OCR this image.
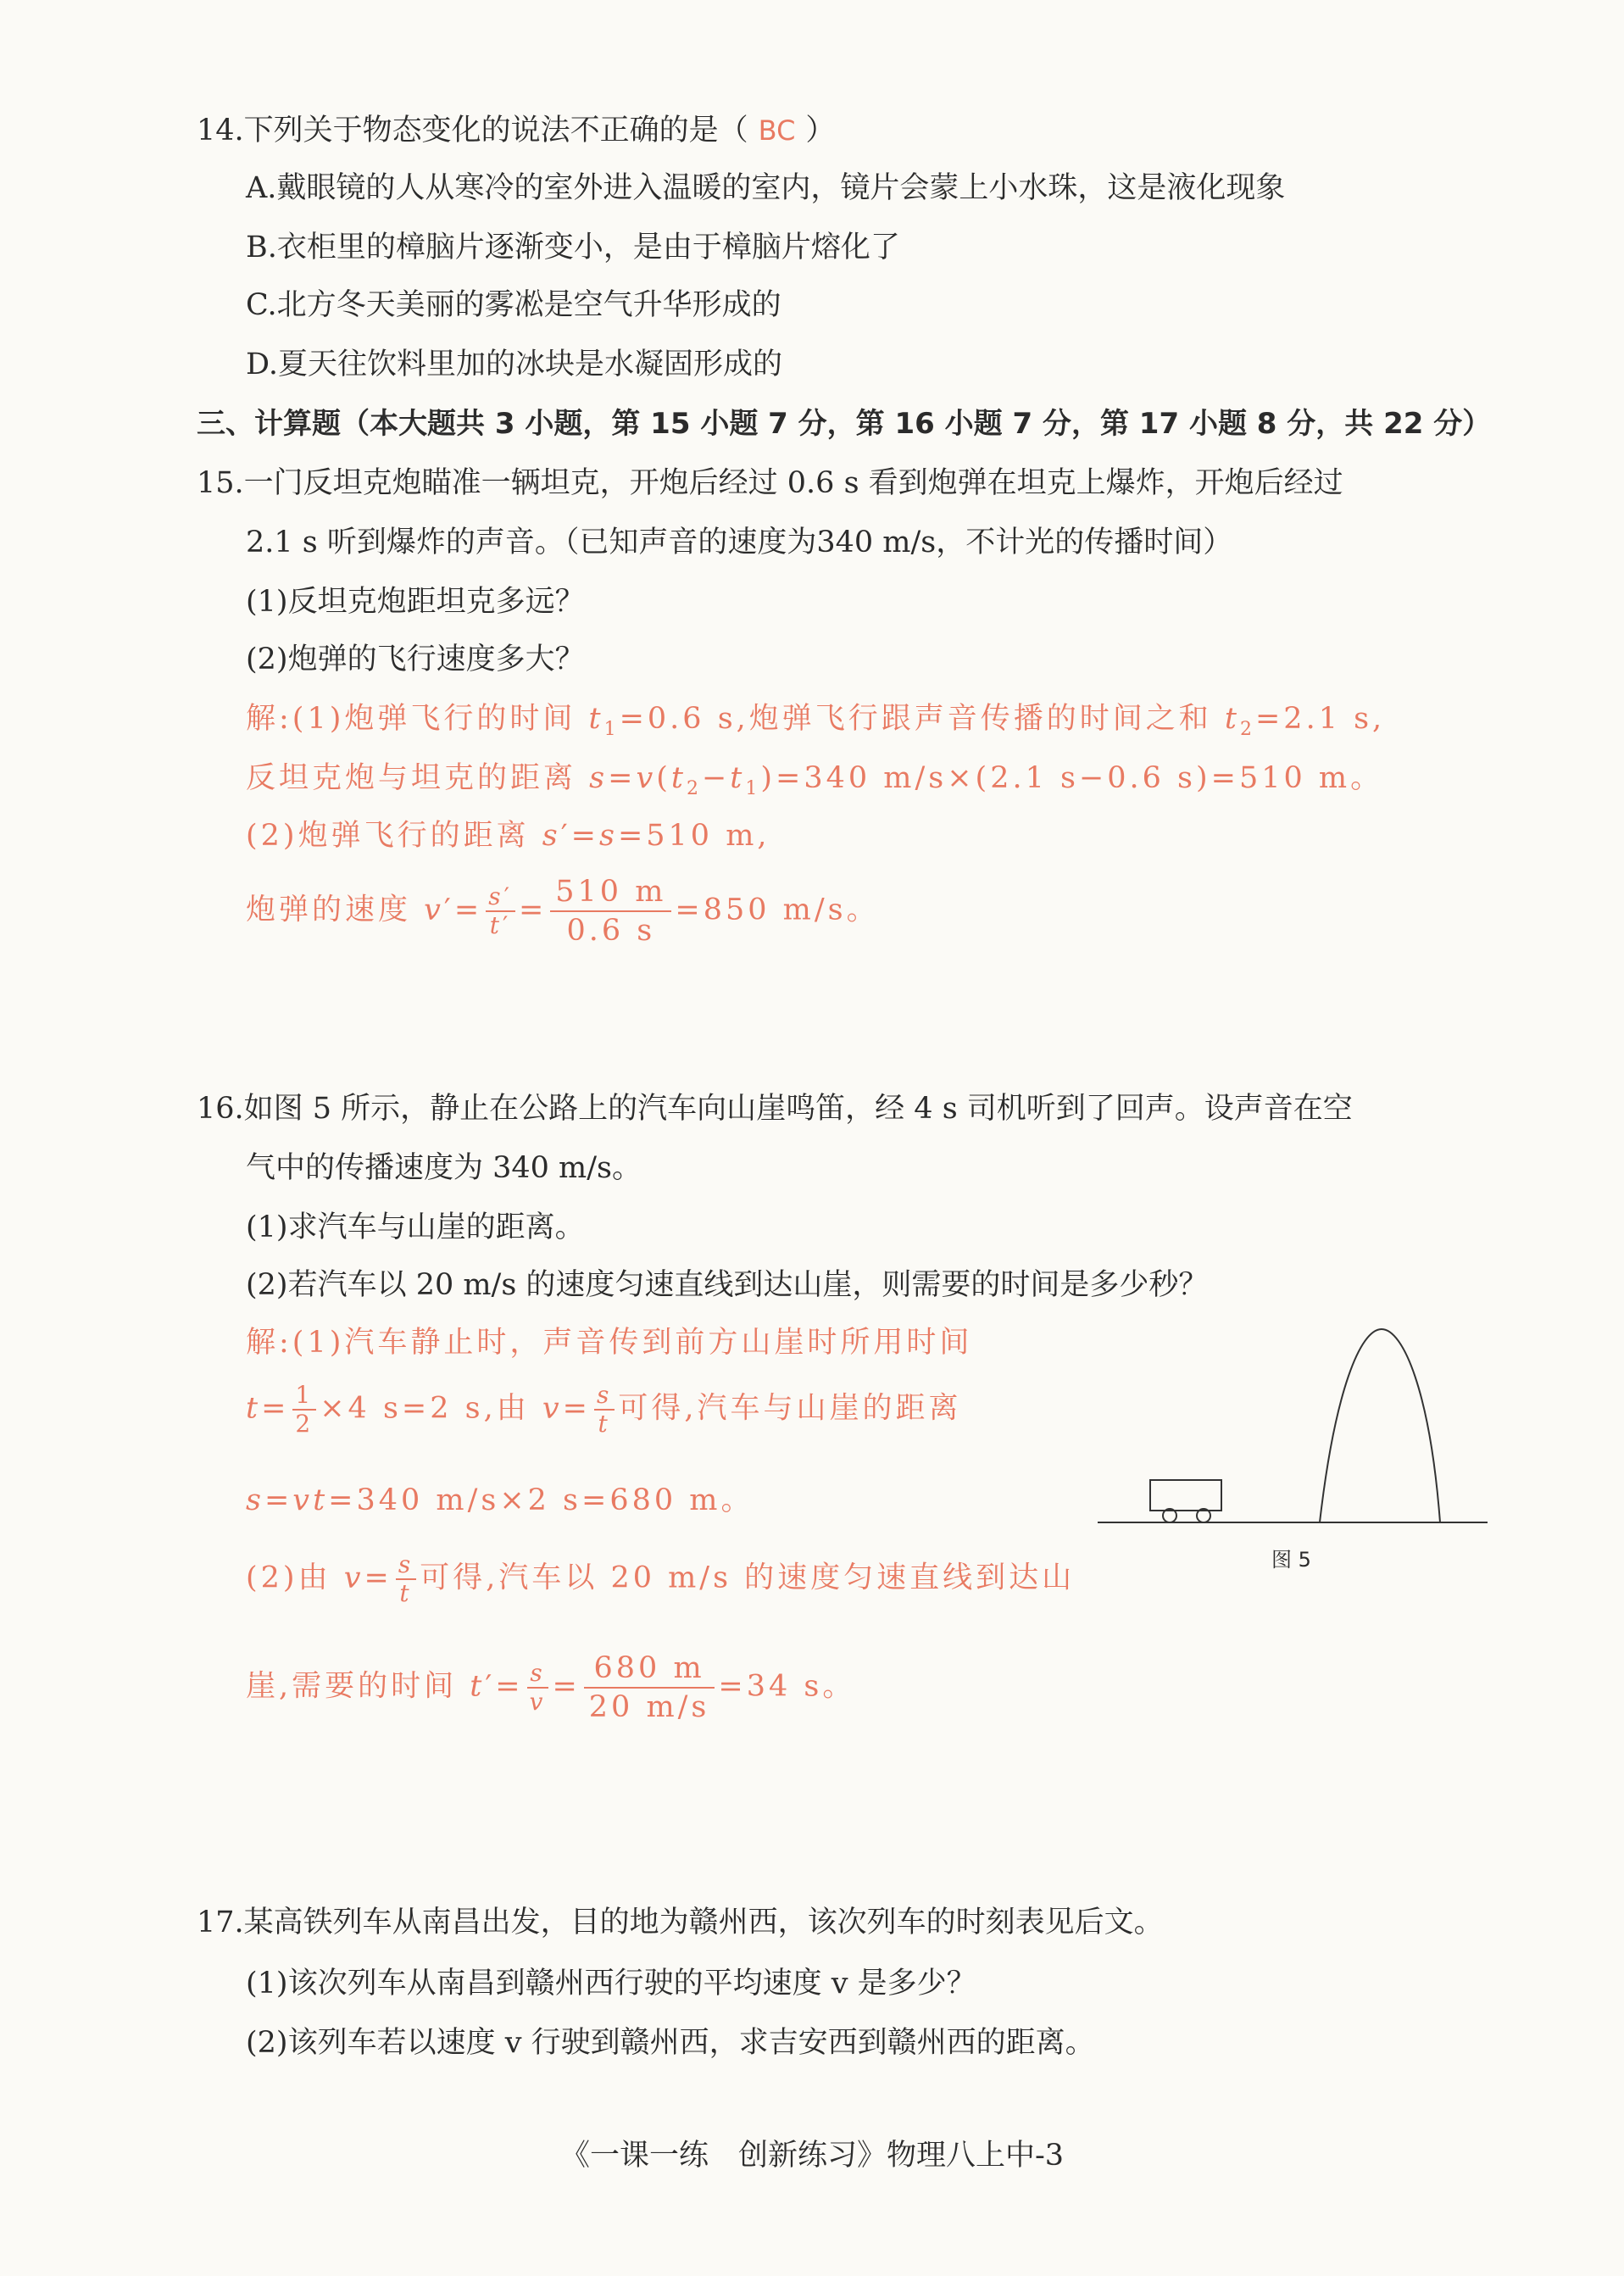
14.下列关于物态变化的说法不正确的是（ BC ）
A.戴眼镜的人从寒冷的室外进入温暖的室内，镜片会蒙上小水珠，这是液化现象
B.衣柜里的樟脑片逐渐变小，是由于樟脑片熔化了
C.北方冬天美丽的雾凇是空气升华形成的
D.夏天往饮料里加的冰块是水凝固形成的
三、计算题（本大题共 3 小题，第 15 小题 7 分，第 16 小题 7 分，第 17 小题 8 分，共 22 分）
15.一门反坦克炮瞄准一辆坦克，开炮后经过 0.6 s 看到炮弹在坦克上爆炸，开炮后经过
2.1 s 听到爆炸的声音。（已知声音的速度为340 m/s，不计光的传播时间）
(1)反坦克炮距坦克多远？
(2)炮弹的飞行速度多大？
解:(1)炮弹飞行的时间 $t_1=0.6$ s,炮弹飞行跟声音传播的时间之和 $t_2=2.1$ s,
反坦克炮与坦克的距离 $s=v(t_2-t_1)=340$ m/s×(2.1 s−0.6 s)=510 m。
(2)炮弹飞行的距离 s′=s=510 m,
炮弹的速度 $v'= \frac{s'}{t'} = \frac{510 m}{0.6 s} =850$ m/s。
16.如图 5 所示，静止在公路上的汽车向山崖鸣笛，经 4 s 司机听到了回声。设声音在空
气中的传播速度为 340 m/s。
(1)求汽车与山崖的距离。
(2)若汽车以 20 m/s 的速度匀速直线到达山崖，则需要的时间是多少秒？
解:(1)汽车静止时，声音传到前方山崖时所用时间
$t= \frac{1}{2} \times 4$ s=2 s,由 $v= \frac{s}{t}$ 可得,汽车与山崖的距离
s=vt=340 m/s×2 s=680 m。
(2)由 $v= \frac{s}{t}$ 可得,汽车以 20 m/s 的速度匀速直线到达山
崖,需要的时间 $t'= \frac{s}{v} = \frac{680 m}{20 m/s} =34$ s。
图 5
17.某高铁列车从南昌出发，目的地为赣州西，该次列车的时刻表见后文。
(1)该次列车从南昌到赣州西行驶的平均速度 v 是多少？
(2)该列车若以速度 v 行驶到赣州西，求吉安西到赣州西的距离。
《一课一练　创新练习》物理八上中-3
